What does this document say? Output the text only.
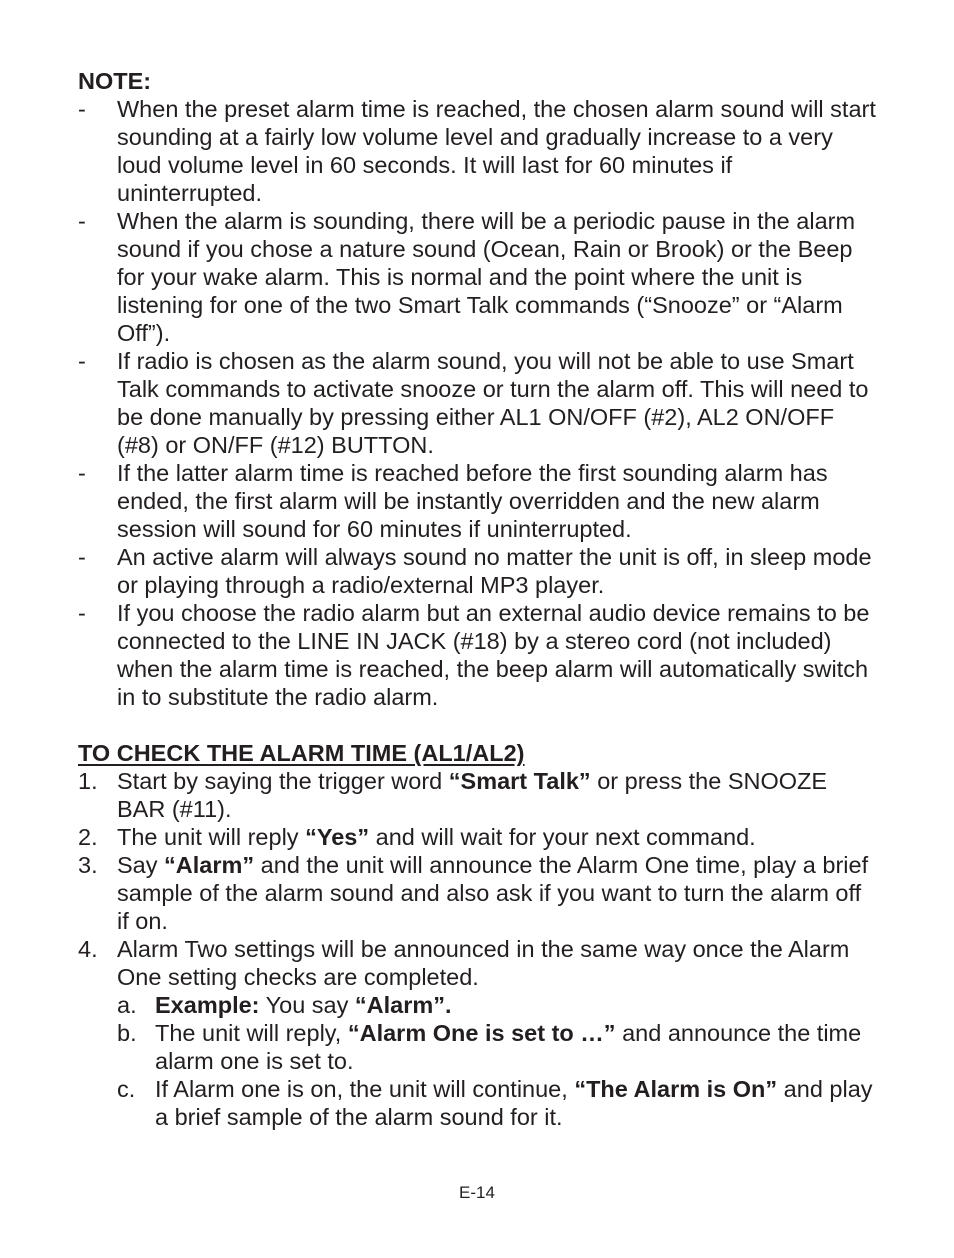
NOTE:
- When the preset alarm time is reached, the chosen alarm sound will start sounding at a fairly low volume level and gradually increase to a very loud volume level in 60 seconds. It will last for 60 minutes if uninterrupted.
- When the alarm is sounding, there will be a periodic pause in the alarm sound if you chose a nature sound (Ocean, Rain or Brook) or the Beep for your wake alarm. This is normal and the point where the unit is listening for one of the two Smart Talk commands (“Snooze” or “Alarm Off”).
- If radio is chosen as the alarm sound, you will not be able to use Smart Talk commands to activate snooze or turn the alarm off. This will need to be done manually by pressing either AL1 ON/OFF (#2), AL2 ON/OFF (#8) or ON/FF (#12) BUTTON.
- If the latter alarm time is reached before the first sounding alarm has ended, the first alarm will be instantly overridden and the new alarm session will sound for 60 minutes if uninterrupted.
- An active alarm will always sound no matter the unit is off, in sleep mode or playing through a radio/external MP3 player.
- If you choose the radio alarm but an external audio device remains to be connected to the LINE IN JACK (#18) by a stereo cord (not included) when the alarm time is reached, the beep alarm will automatically switch in to substitute the radio alarm.
TO CHECK THE ALARM TIME (AL1/AL2)
1. Start by saying the trigger word “Smart Talk” or press the SNOOZE BAR (#11).
2. The unit will reply “Yes” and will wait for your next command.
3. Say “Alarm” and the unit will announce the Alarm One time, play a brief sample of the alarm sound and also ask if you want to turn the alarm off if on.
4. Alarm Two settings will be announced in the same way once the Alarm One setting checks are completed.
a. Example: You say “Alarm”.
b. The unit will reply, “Alarm One is set to …” and announce the time alarm one is set to.
c. If Alarm one is on, the unit will continue, “The Alarm is On” and play a brief sample of the alarm sound for it.
E-14
